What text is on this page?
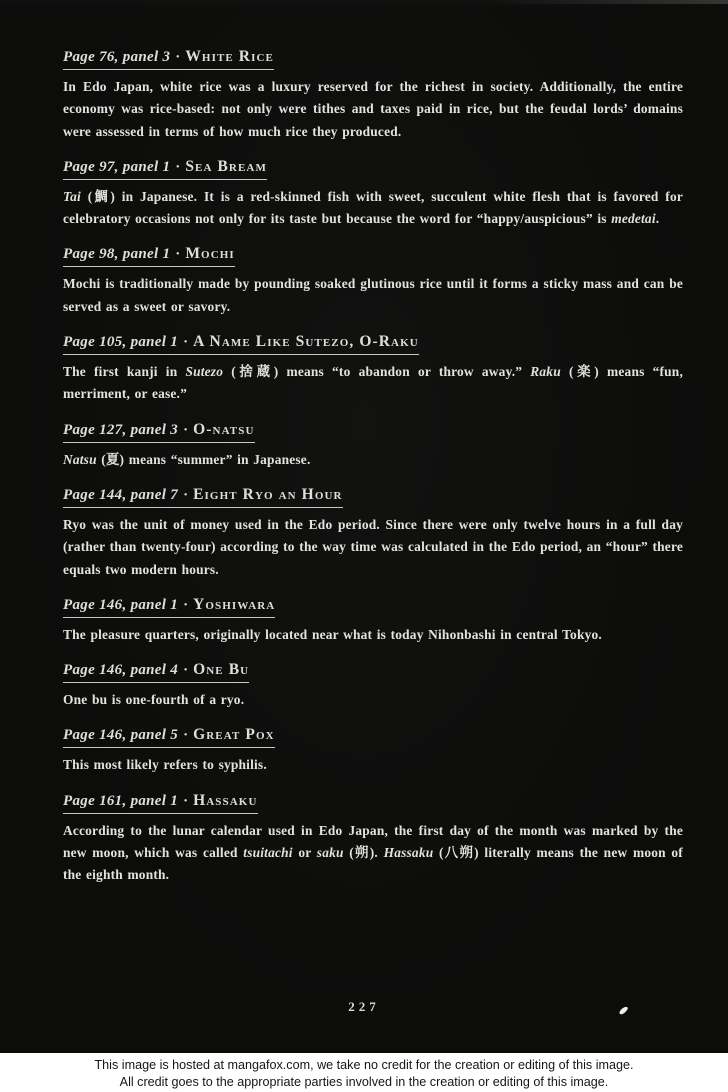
Page 76, panel 3 · White Rice

In Edo Japan, white rice was a luxury reserved for the richest in society. Additionally, the entire economy was rice-based: not only were tithes and taxes paid in rice, but the feudal lords’ domains were assessed in terms of how much rice they produced.

Page 97, panel 1 · Sea Bream

Tai (鯛) in Japanese. It is a red-skinned fish with sweet, succulent white flesh that is favored for celebratory occasions not only for its taste but because the word for “happy/auspicious” is medetai.

Page 98, panel 1 · Mochi

Mochi is traditionally made by pounding soaked glutinous rice until it forms a sticky mass and can be served as a sweet or savory.

Page 105, panel 1 · A Name Like Sutezo, O-Raku

The first kanji in Sutezo (捨蔵) means “to abandon or throw away.” Raku (楽) means “fun, merriment, or ease.”

Page 127, panel 3 · O-natsu

Natsu (夏) means “summer” in Japanese.

Page 144, panel 7 · Eight Ryo an Hour

Ryo was the unit of money used in the Edo period. Since there were only twelve hours in a full day (rather than twenty-four) according to the way time was calculated in the Edo period, an “hour” there equals two modern hours.

Page 146, panel 1 · Yoshiwara

The pleasure quarters, originally located near what is today Nihonbashi in central Tokyo.

Page 146, panel 4 · One Bu

One bu is one-fourth of a ryo.

Page 146, panel 5 · Great Pox

This most likely refers to syphilis.

Page 161, panel 1 · Hassaku

According to the lunar calendar used in Edo Japan, the first day of the month was marked by the new moon, which was called tsuitachi or saku (朔). Hassaku (八朔) literally means the new moon of the eighth month.

227
This image is hosted at mangafox.com, we take no credit for the creation or editing of this image.
All credit goes to the appropriate parties involved in the creation or editing of this image.
